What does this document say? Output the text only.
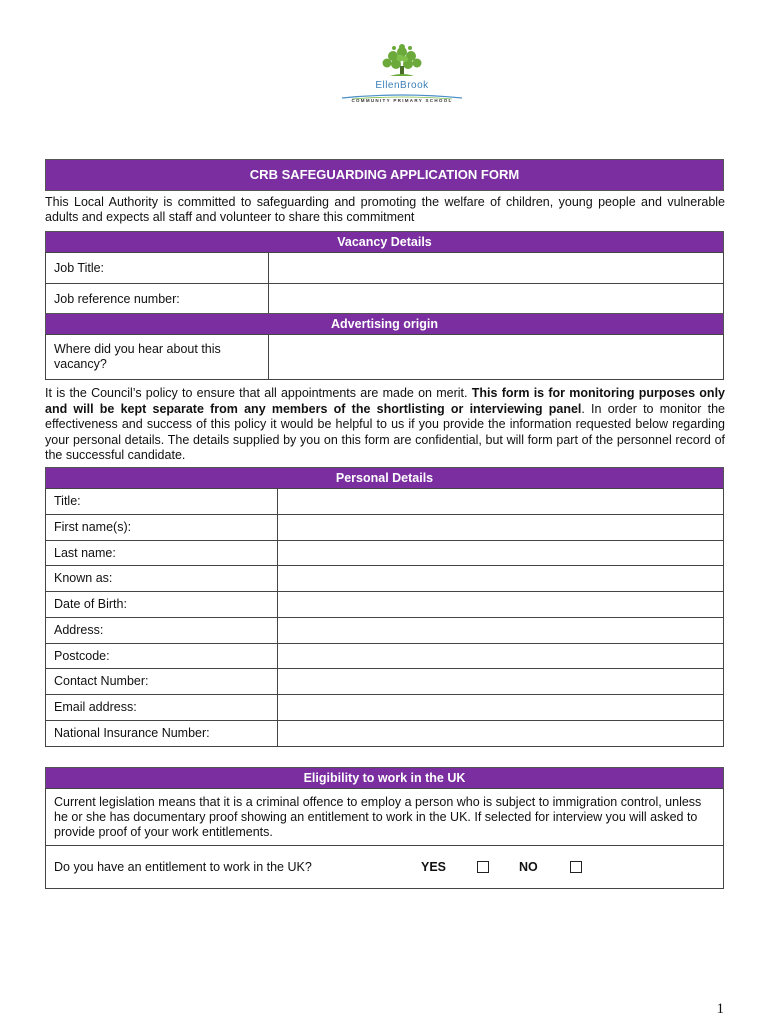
EllenBrook
COMMUNITY PRIMARY SCHOOL
CRB SAFEGUARDING APPLICATION FORM
This Local Authority is committed to safeguarding and promoting the welfare of children, young people and vulnerable adults and expects all staff and volunteer to share this commitment
Vacancy Details
Job Title:
Job reference number:
Advertising origin
Where did you hear about this vacancy?
It is the Council’s policy to ensure that all appointments are made on merit. This form is for monitoring purposes only and will be kept separate from any members of the shortlisting or interviewing panel. In order to monitor the effectiveness and success of this policy it would be helpful to us if you provide the information requested below regarding your personal details. The details supplied by you on this form are confidential, but will form part of the personnel record of the successful candidate.
Personal Details
Title:
First name(s):
Last name:
Known as:
Date of Birth:
Address:
Postcode:
Contact Number:
Email address:
National Insurance Number:
Eligibility to work in the UK
Current legislation means that it is a criminal offence to employ a person who is subject to immigration control, unless he or she has documentary proof showing an entitlement to work in the UK. If selected for interview you will asked to provide proof of your work entitlements.
Do you have an entitlement to work in the UK?	YES	NO
1
